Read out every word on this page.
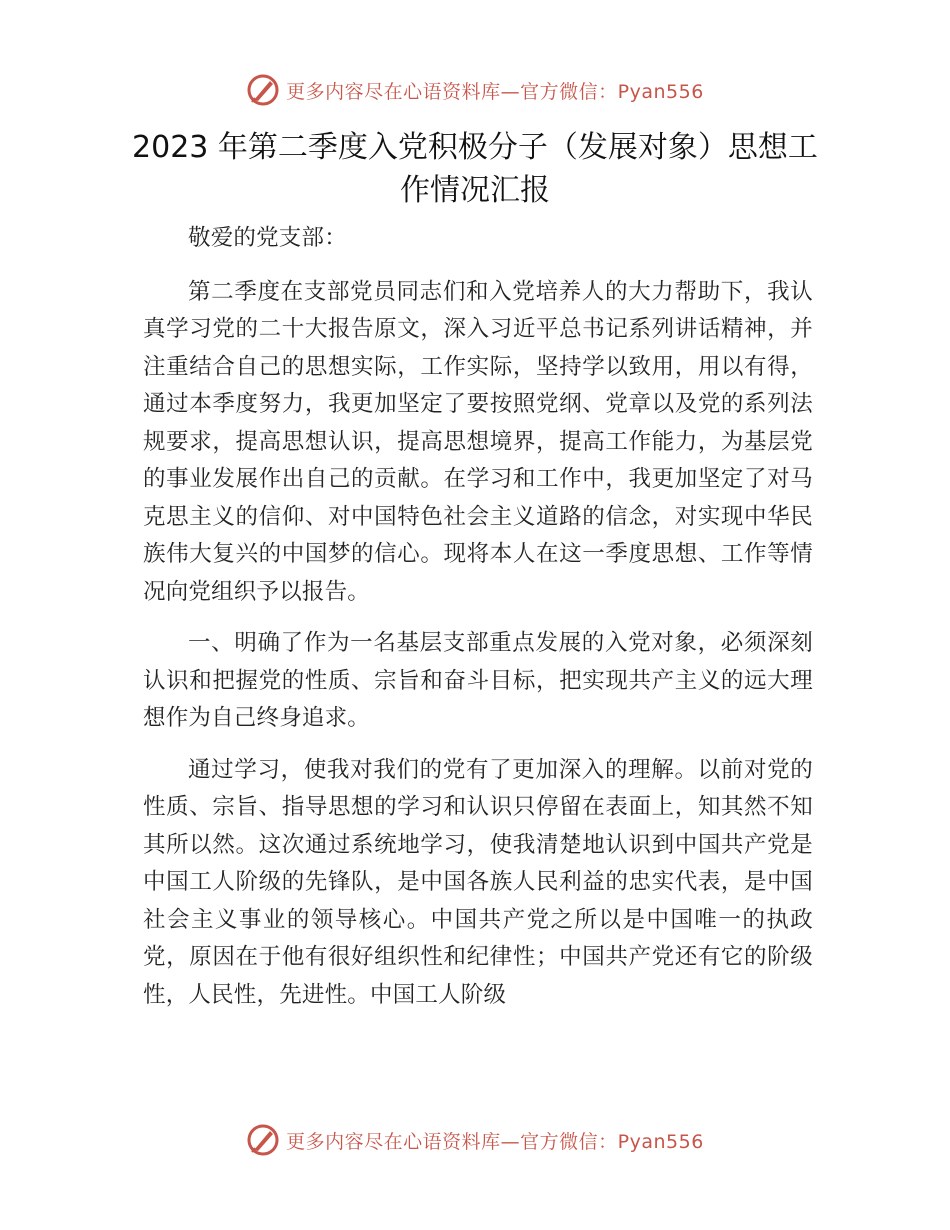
更多内容尽在心语资料库—官方微信：Pyan556
2023 年第二季度入党积极分子（发展对象）思想工作情况汇报

敬爱的党支部：

第二季度在支部党员同志们和入党培养人的大力帮助下，我认真学习党的二十大报告原文，深入习近平总书记系列讲话精神，并注重结合自己的思想实际，工作实际，坚持学以致用，用以有得，通过本季度努力，我更加坚定了要按照党纲、党章以及党的系列法规要求，提高思想认识，提高思想境界，提高工作能力，为基层党的事业发展作出自己的贡献。在学习和工作中，我更加坚定了对马克思主义的信仰、对中国特色社会主义道路的信念，对实现中华民族伟大复兴的中国梦的信心。现将本人在这一季度思想、工作等情况向党组织予以报告。

一、明确了作为一名基层支部重点发展的入党对象，必须深刻认识和把握党的性质、宗旨和奋斗目标，把实现共产主义的远大理想作为自己终身追求。

通过学习，使我对我们的党有了更加深入的理解。以前对党的性质、宗旨、指导思想的学习和认识只停留在表面上，知其然不知其所以然。这次通过系统地学习，使我清楚地认识到中国共产党是中国工人阶级的先锋队，是中国各族人民利益的忠实代表，是中国社会主义事业的领导核心。中国共产党之所以是中国唯一的执政党，原因在于他有很好组织性和纪律性；中国共产党还有它的阶级性，人民性，先进性。中国工人阶级

更多内容尽在心语资料库—官方微信：Pyan556
